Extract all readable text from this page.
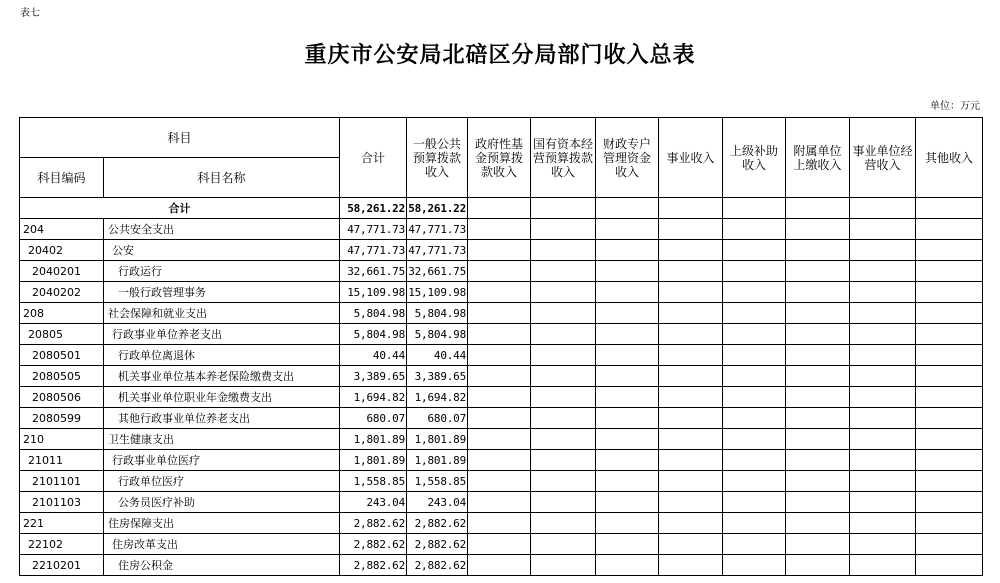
表七
重庆市公安局北碚区分局部门收入总表
单位：万元
科目		合计	一般公共预算拨款收入	政府性基金预算拨款收入	国有资本经营预算拨款收入	财政专户管理资金收入	事业收入	上级补助收入	附属单位上缴收入	事业单位经营收入	其他收入

科目编码	科目名称										
合计		58,261.22	58,261.22								
204	公共安全支出	47,771.73	47,771.73								
20402	公安	47,771.73	47,771.73								
2040201	行政运行	32,661.75	32,661.75								
2040202	一般行政管理事务	15,109.98	15,109.98								
208	社会保障和就业支出	5,804.98	5,804.98								
20805	行政事业单位养老支出	5,804.98	5,804.98								
2080501	行政单位离退休	40.44	40.44								
2080505	机关事业单位基本养老保险缴费支出	3,389.65	3,389.65								
2080506	机关事业单位职业年金缴费支出	1,694.82	1,694.82								
2080599	其他行政事业单位养老支出	680.07	680.07								
210	卫生健康支出	1,801.89	1,801.89								
21011	行政事业单位医疗	1,801.89	1,801.89								
2101101	行政单位医疗	1,558.85	1,558.85								
2101103	公务员医疗补助	243.04	243.04								
221	住房保障支出	2,882.62	2,882.62								
22102	住房改革支出	2,882.62	2,882.62								
2210201	住房公积金	2,882.62	2,882.62								
